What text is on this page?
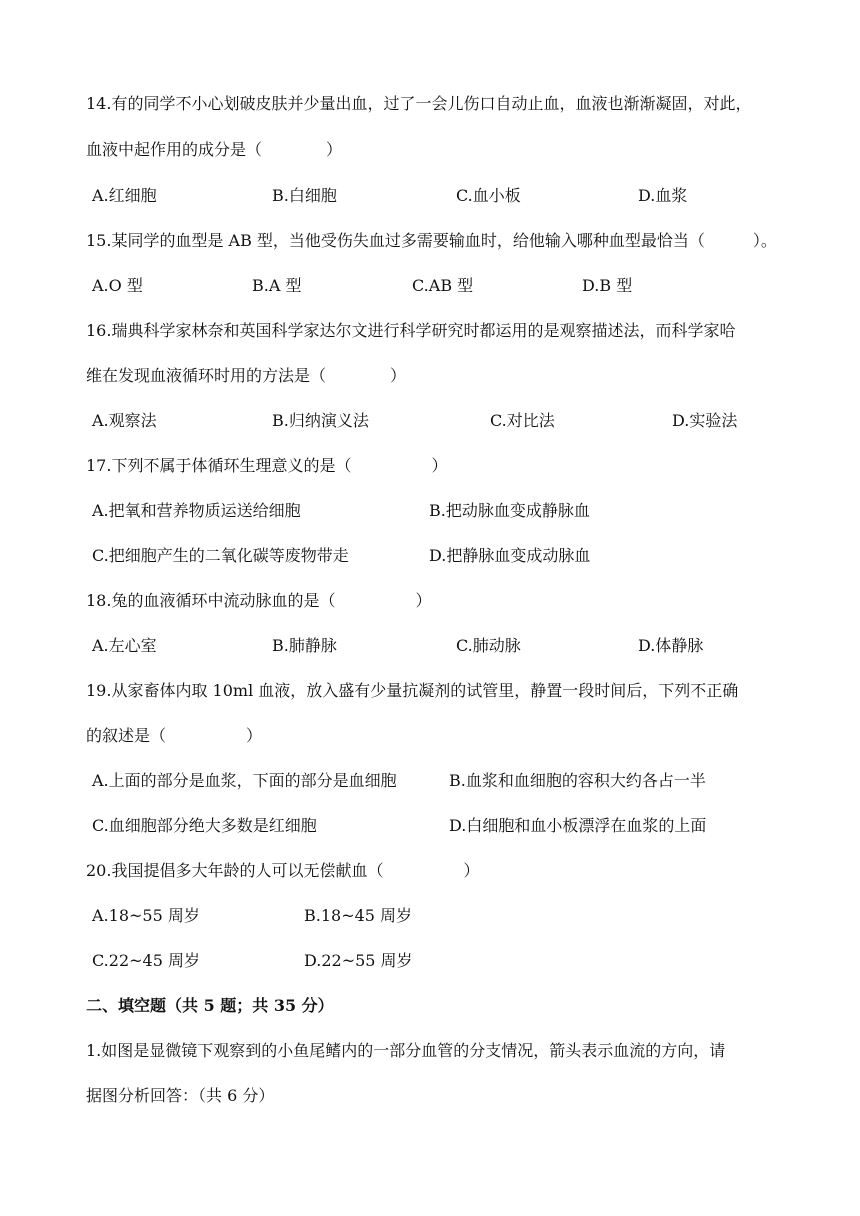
14.有的同学不小心划破皮肤并少量出血，过了一会儿伤口自动止血，血液也渐渐凝固，对此，
血液中起作用的成分是（　　　　）
A.红细胞	B.白细胞	C.血小板	D.血浆
15.某同学的血型是 AB 型，当他受伤失血过多需要输血时，给他输入哪种血型最恰当（　　　）。
A.O 型	B.A 型	C.AB 型	D.B 型
16.瑞典科学家林奈和英国科学家达尔文进行科学研究时都运用的是观察描述法，而科学家哈
维在发现血液循环时用的方法是（　　　　）
A.观察法	B.归纳演义法	C.对比法	D.实验法
17.下列不属于体循环生理意义的是（　　　　　）
A.把氧和营养物质运送给细胞	B.把动脉血变成静脉血
C.把细胞产生的二氧化碳等废物带走	D.把静脉血变成动脉血
18.兔的血液循环中流动脉血的是（　　　　　）
A.左心室	B.肺静脉	C.肺动脉	D.体静脉
19.从家畜体内取 10ml 血液，放入盛有少量抗凝剂的试管里，静置一段时间后，下列不正确
的叙述是（　　　　　）
A.上面的部分是血浆，下面的部分是血细胞	B.血浆和血细胞的容积大约各占一半
C.血细胞部分绝大多数是红细胞	D.白细胞和血小板漂浮在血浆的上面
20.我国提倡多大年龄的人可以无偿献血（　　　　　）
A.18~55 周岁	B.18~45 周岁
C.22~45 周岁	D.22~55 周岁
二、填空题（共 5 题；共 35 分）
1.如图是显微镜下观察到的小鱼尾鳍内的一部分血管的分支情况，箭头表示血流的方向，请
据图分析回答：（共 6 分）
